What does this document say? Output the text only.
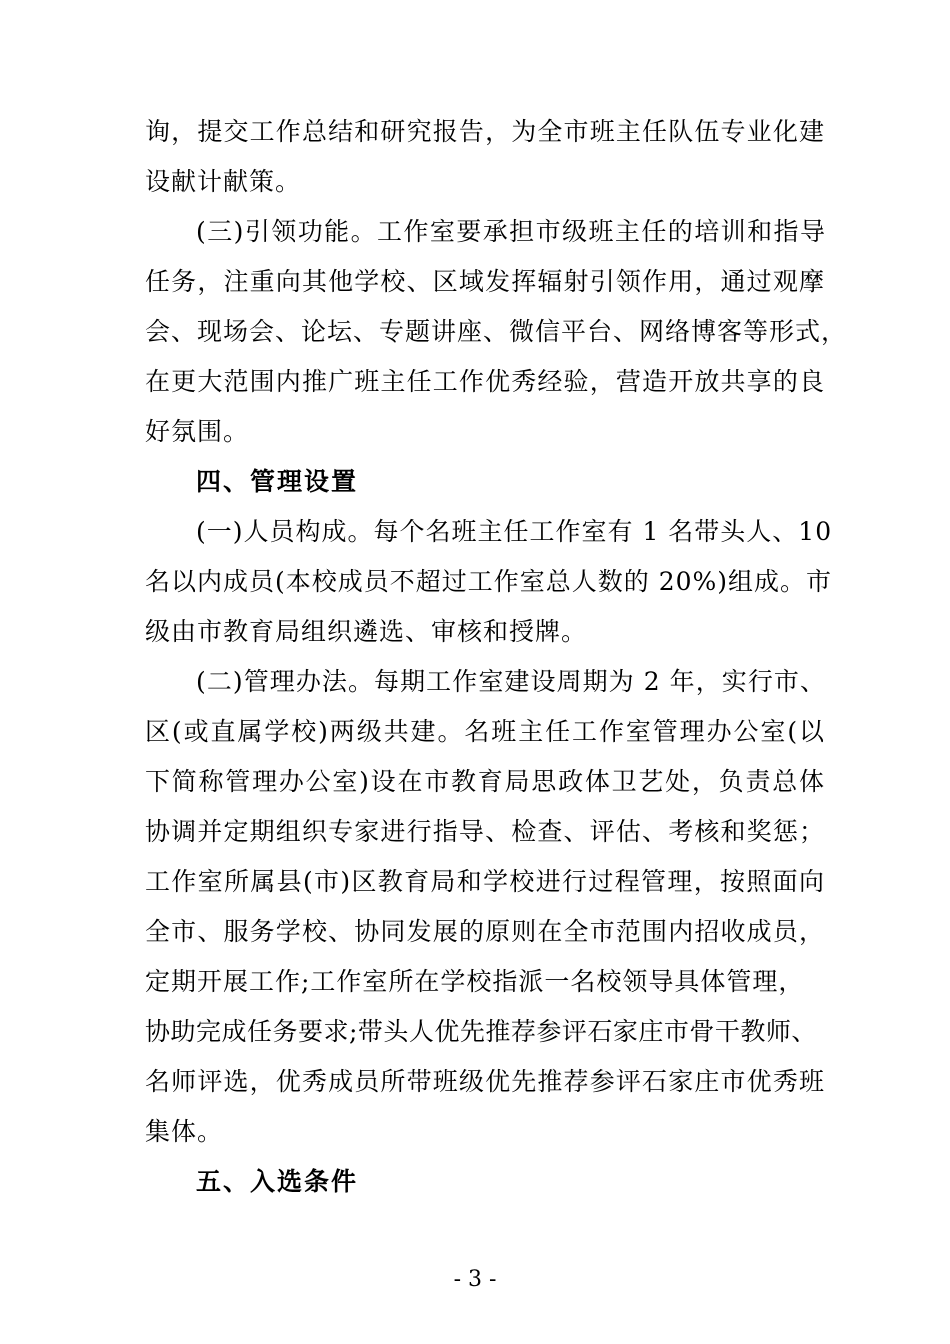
询，提交工作总结和研究报告，为全市班主任队伍专业化建
设献计献策。
(三)引领功能。工作室要承担市级班主任的培训和指导
任务，注重向其他学校、区域发挥辐射引领作用，通过观摩
会、现场会、论坛、专题讲座、微信平台、网络博客等形式，
在更大范围内推广班主任工作优秀经验，营造开放共享的良
好氛围。
四、管理设置
(一)人员构成。每个名班主任工作室有 1 名带头人、10
名以内成员(本校成员不超过工作室总人数的 20%)组成。市
级由市教育局组织遴选、审核和授牌。
(二)管理办法。每期工作室建设周期为 2 年，实行市、
区(或直属学校)两级共建。名班主任工作室管理办公室(以
下简称管理办公室)设在市教育局思政体卫艺处，负责总体
协调并定期组织专家进行指导、检查、评估、考核和奖惩；
工作室所属县(市)区教育局和学校进行过程管理，按照面向
全市、服务学校、协同发展的原则在全市范围内招收成员，
定期开展工作;工作室所在学校指派一名校领导具体管理，
协助完成任务要求;带头人优先推荐参评石家庄市骨干教师、
名师评选，优秀成员所带班级优先推荐参评石家庄市优秀班
集体。
五、入选条件
- 3 -
